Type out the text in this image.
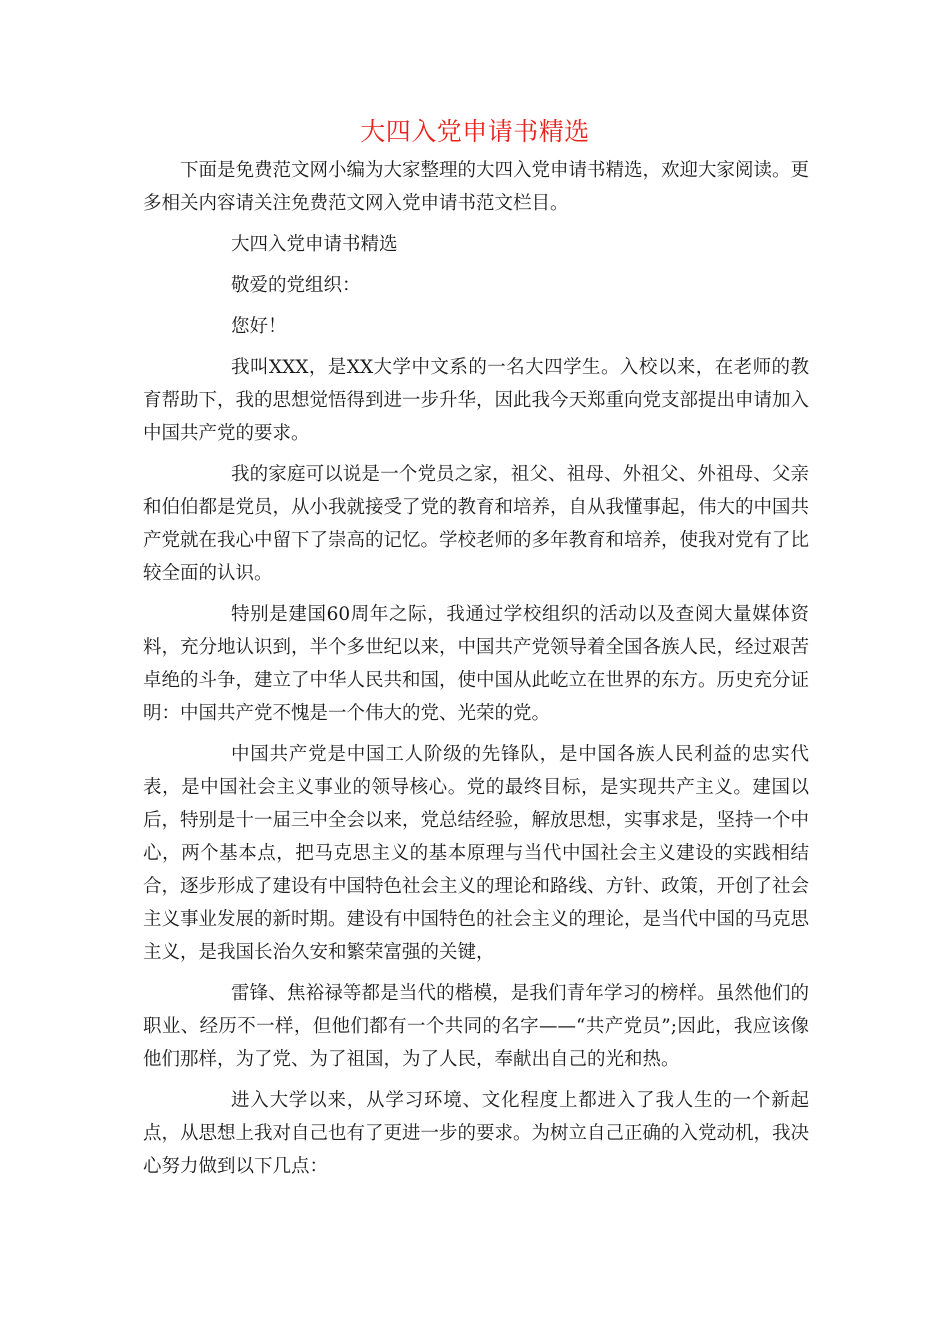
大四入党申请书精选

下面是免费范文网小编为大家整理的大四入党申请书精选，欢迎大家阅读。更多相关内容请关注免费范文网入党申请书范文栏目。

大四入党申请书精选

敬爱的党组织：

您好！

我叫XXX，是XX大学中文系的一名大四学生。入校以来，在老师的教育帮助下，我的思想觉悟得到进一步升华，因此我今天郑重向党支部提出申请加入中国共产党的要求。

我的家庭可以说是一个党员之家，祖父、祖母、外祖父、外祖母、父亲和伯伯都是党员，从小我就接受了党的教育和培养，自从我懂事起，伟大的中国共产党就在我心中留下了崇高的记忆。学校老师的多年教育和培养，使我对党有了比较全面的认识。

特别是建国60周年之际，我通过学校组织的活动以及查阅大量媒体资料，充分地认识到，半个多世纪以来，中国共产党领导着全国各族人民，经过艰苦卓绝的斗争，建立了中华人民共和国，使中国从此屹立在世界的东方。历史充分证明：中国共产党不愧是一个伟大的党、光荣的党。

中国共产党是中国工人阶级的先锋队，是中国各族人民利益的忠实代表，是中国社会主义事业的领导核心。党的最终目标，是实现共产主义。建国以后，特别是十一届三中全会以来，党总结经验，解放思想，实事求是，坚持一个中心，两个基本点，把马克思主义的基本原理与当代中国社会主义建设的实践相结合，逐步形成了建设有中国特色社会主义的理论和路线、方针、政策，开创了社会主义事业发展的新时期。建设有中国特色的社会主义的理论，是当代中国的马克思主义，是我国长治久安和繁荣富强的关键，

雷锋、焦裕禄等都是当代的楷模，是我们青年学习的榜样。虽然他们的职业、经历不一样，但他们都有一个共同的名字——“共产党员”;因此，我应该像他们那样，为了党、为了祖国，为了人民，奉献出自己的光和热。

进入大学以来，从学习环境、文化程度上都进入了我人生的一个新起点，从思想上我对自己也有了更进一步的要求。为树立自己正确的入党动机，我决心努力做到以下几点：
